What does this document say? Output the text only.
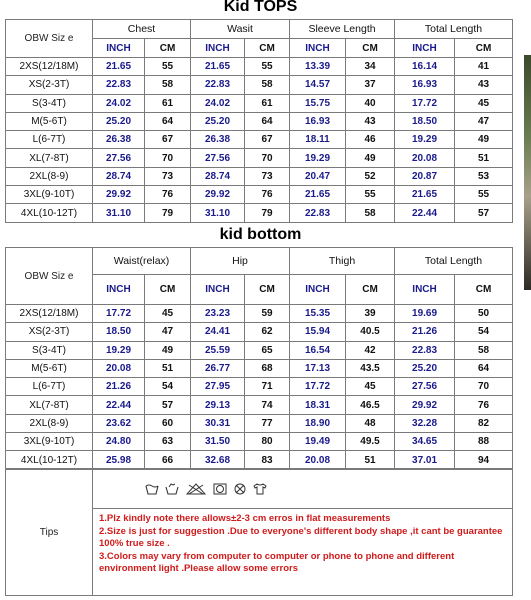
Kid TOPS
OBW Siz e	Chest		Wasit		Sleeve Length		Total Length	
	INCH	CM	INCH	CM	INCH	CM	INCH	CM
2XS(12/18M)	21.65	55	21.65	55	13.39	34	16.14	41
XS(2-3T)	22.83	58	22.83	58	14.57	37	16.93	43
S(3-4T)	24.02	61	24.02	61	15.75	40	17.72	45
M(5-6T)	25.20	64	25.20	64	16.93	43	18.50	47
L(6-7T)	26.38	67	26.38	67	18.11	46	19.29	49
XL(7-8T)	27.56	70	27.56	70	19.29	49	20.08	51
2XL(8-9)	28.74	73	28.74	73	20.47	52	20.87	53
3XL(9-10T)	29.92	76	29.92	76	21.65	55	21.65	55
4XL(10-12T)	31.10	79	31.10	79	22.83	58	22.44	57
kid bottom
OBW Siz e	Waist(relax)		Hip		Thigh		Total Length	
	INCH	CM	INCH	CM	INCH	CM	INCH	CM
2XS(12/18M)	17.72	45	23.23	59	15.35	39	19.69	50
XS(2-3T)	18.50	47	24.41	62	15.94	40.5	21.26	54
S(3-4T)	19.29	49	25.59	65	16.54	42	22.83	58
M(5-6T)	20.08	51	26.77	68	17.13	43.5	25.20	64
L(6-7T)	21.26	54	27.95	71	17.72	45	27.56	70
XL(7-8T)	22.44	57	29.13	74	18.31	46.5	29.92	76
2XL(8-9)	23.62	60	30.31	77	18.90	48	32.28	82
3XL(9-10T)	24.80	63	31.50	80	19.49	49.5	34.65	88
4XL(10-12T)	25.98	66	32.68	83	20.08	51	37.01	94
Tips	

1.Plz kindly note there allows±2-3 cm erros in flat measurements
2.Size is just for suggestion .Due to everyone's different body shape ,it cant be guarantee 100% true size .
3.Colors may vary from computer to computer or phone to phone and different environment light .Please allow some errors
